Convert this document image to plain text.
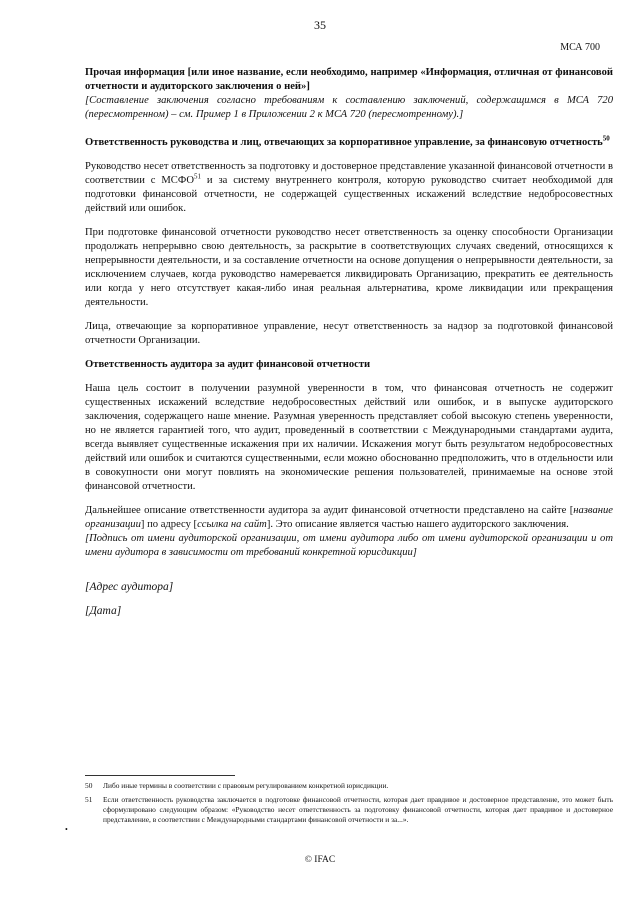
35
МСА 700

Прочая информация [или иное название, если необходимо, например «Информация, отличная от финансовой отчетности и аудиторского заключения о ней»]

[Составление заключения согласно требованиям к составлению заключений, содержащимся в МСА 720 (пересмотренном) – см. Пример 1 в Приложении 2 к МСА 720 (пересмотренному).]

Ответственность руководства и лиц, отвечающих за корпоративное управление, за финансовую отчетность$^{50}$

Руководство несет ответственность за подготовку и достоверное представление указанной финансовой отчетности в соответствии с МСФО$^{51}$ и за систему внутреннего контроля, которую руководство считает необходимой для подготовки финансовой отчетности, не содержащей существенных искажений вследствие недобросовестных действий или ошибок.

При подготовке финансовой отчетности руководство несет ответственность за оценку способности Организации продолжать непрерывно свою деятельность, за раскрытие в соответствующих случаях сведений, относящихся к непрерывности деятельности, и за составление отчетности на основе допущения о непрерывности деятельности, за исключением случаев, когда руководство намеревается ликвидировать Организацию, прекратить ее деятельность или когда у него отсутствует какая-либо иная реальная альтернатива, кроме ликвидации или прекращения деятельности.

Лица, отвечающие за корпоративное управление, несут ответственность за надзор за подготовкой финансовой отчетности Организации.

Ответственность аудитора за аудит финансовой отчетности

Наша цель состоит в получении разумной уверенности в том, что финансовая отчетность не содержит существенных искажений вследствие недобросовестных действий или ошибок, и в выпуске аудиторского заключения, содержащего наше мнение. Разумная уверенность представляет собой высокую степень уверенности, но не является гарантией того, что аудит, проведенный в соответствии с Международными стандартами аудита, всегда выявляет существенные искажения при их наличии. Искажения могут быть результатом недобросовестных действий или ошибок и считаются существенными, если можно обоснованно предположить, что в отдельности или в совокупности они могут повлиять на экономические решения пользователей, принимаемые на основе этой финансовой отчетности.

Дальнейшее описание ответственности аудитора за аудит финансовой отчетности представлено на сайте [название организации] по адресу [ссылка на сайт]. Это описание является частью нашего аудиторского заключения.

[Подпись от имени аудиторской организации, от имени аудитора либо от имени аудиторской организации и от имени аудитора в зависимости от требований конкретной юрисдикции]

[Адрес аудитора]

[Дата]

50	Либо иные термины в соответствии с правовым регулированием конкретной юрисдикции.
51	Если ответственность руководства заключается в подготовке финансовой отчетности, которая дает правдивое и достоверное представление, это может быть сформулировано следующим образом: «Руководство несет ответственность за подготовку финансовой отчетности, которая дает правдивое и достоверное представление, в соответствии с Международными стандартами финансовой отчетности и за...».
•
© IFAC
